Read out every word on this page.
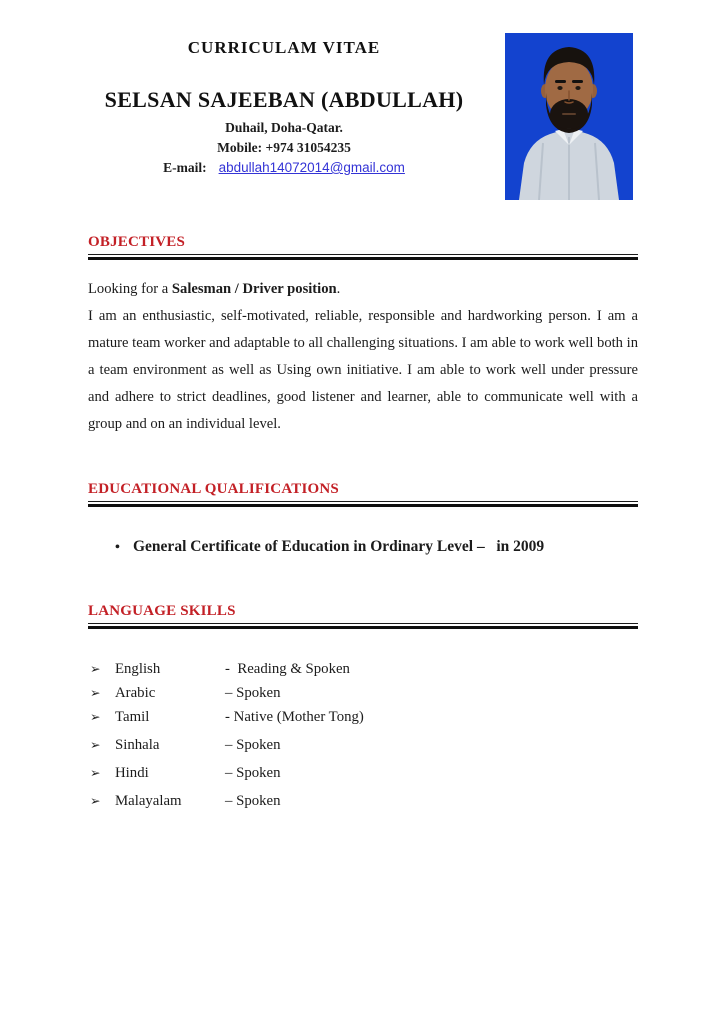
CURRICULAM VITAE
SELSAN SAJEEBAN (ABDULLAH)
Duhail, Doha-Qatar.
Mobile: +974 31054235
E-mail: abdullah14072014@gmail.com
OBJECTIVES
Looking for a Salesman / Driver position.

I am an enthusiastic, self-motivated, reliable, responsible and hardworking person. I am a mature team worker and adaptable to all challenging situations. I am able to work well both in a team environment as well as Using own initiative. I am able to work well under pressure and adhere to strict deadlines, good listener and learner, able to communicate well with a group and on an individual level.

EDUCATIONAL QUALIFICATIONS
• General Certificate of Education in Ordinary Level –   in 2009
LANGUAGE SKILLS
➢ English	-  Reading & Spoken
➢ Arabic	– Spoken
➢ Tamil	- Native (Mother Tong)
➢ Sinhala	– Spoken
➢ Hindi	– Spoken
➢ Malayalam	– Spoken
